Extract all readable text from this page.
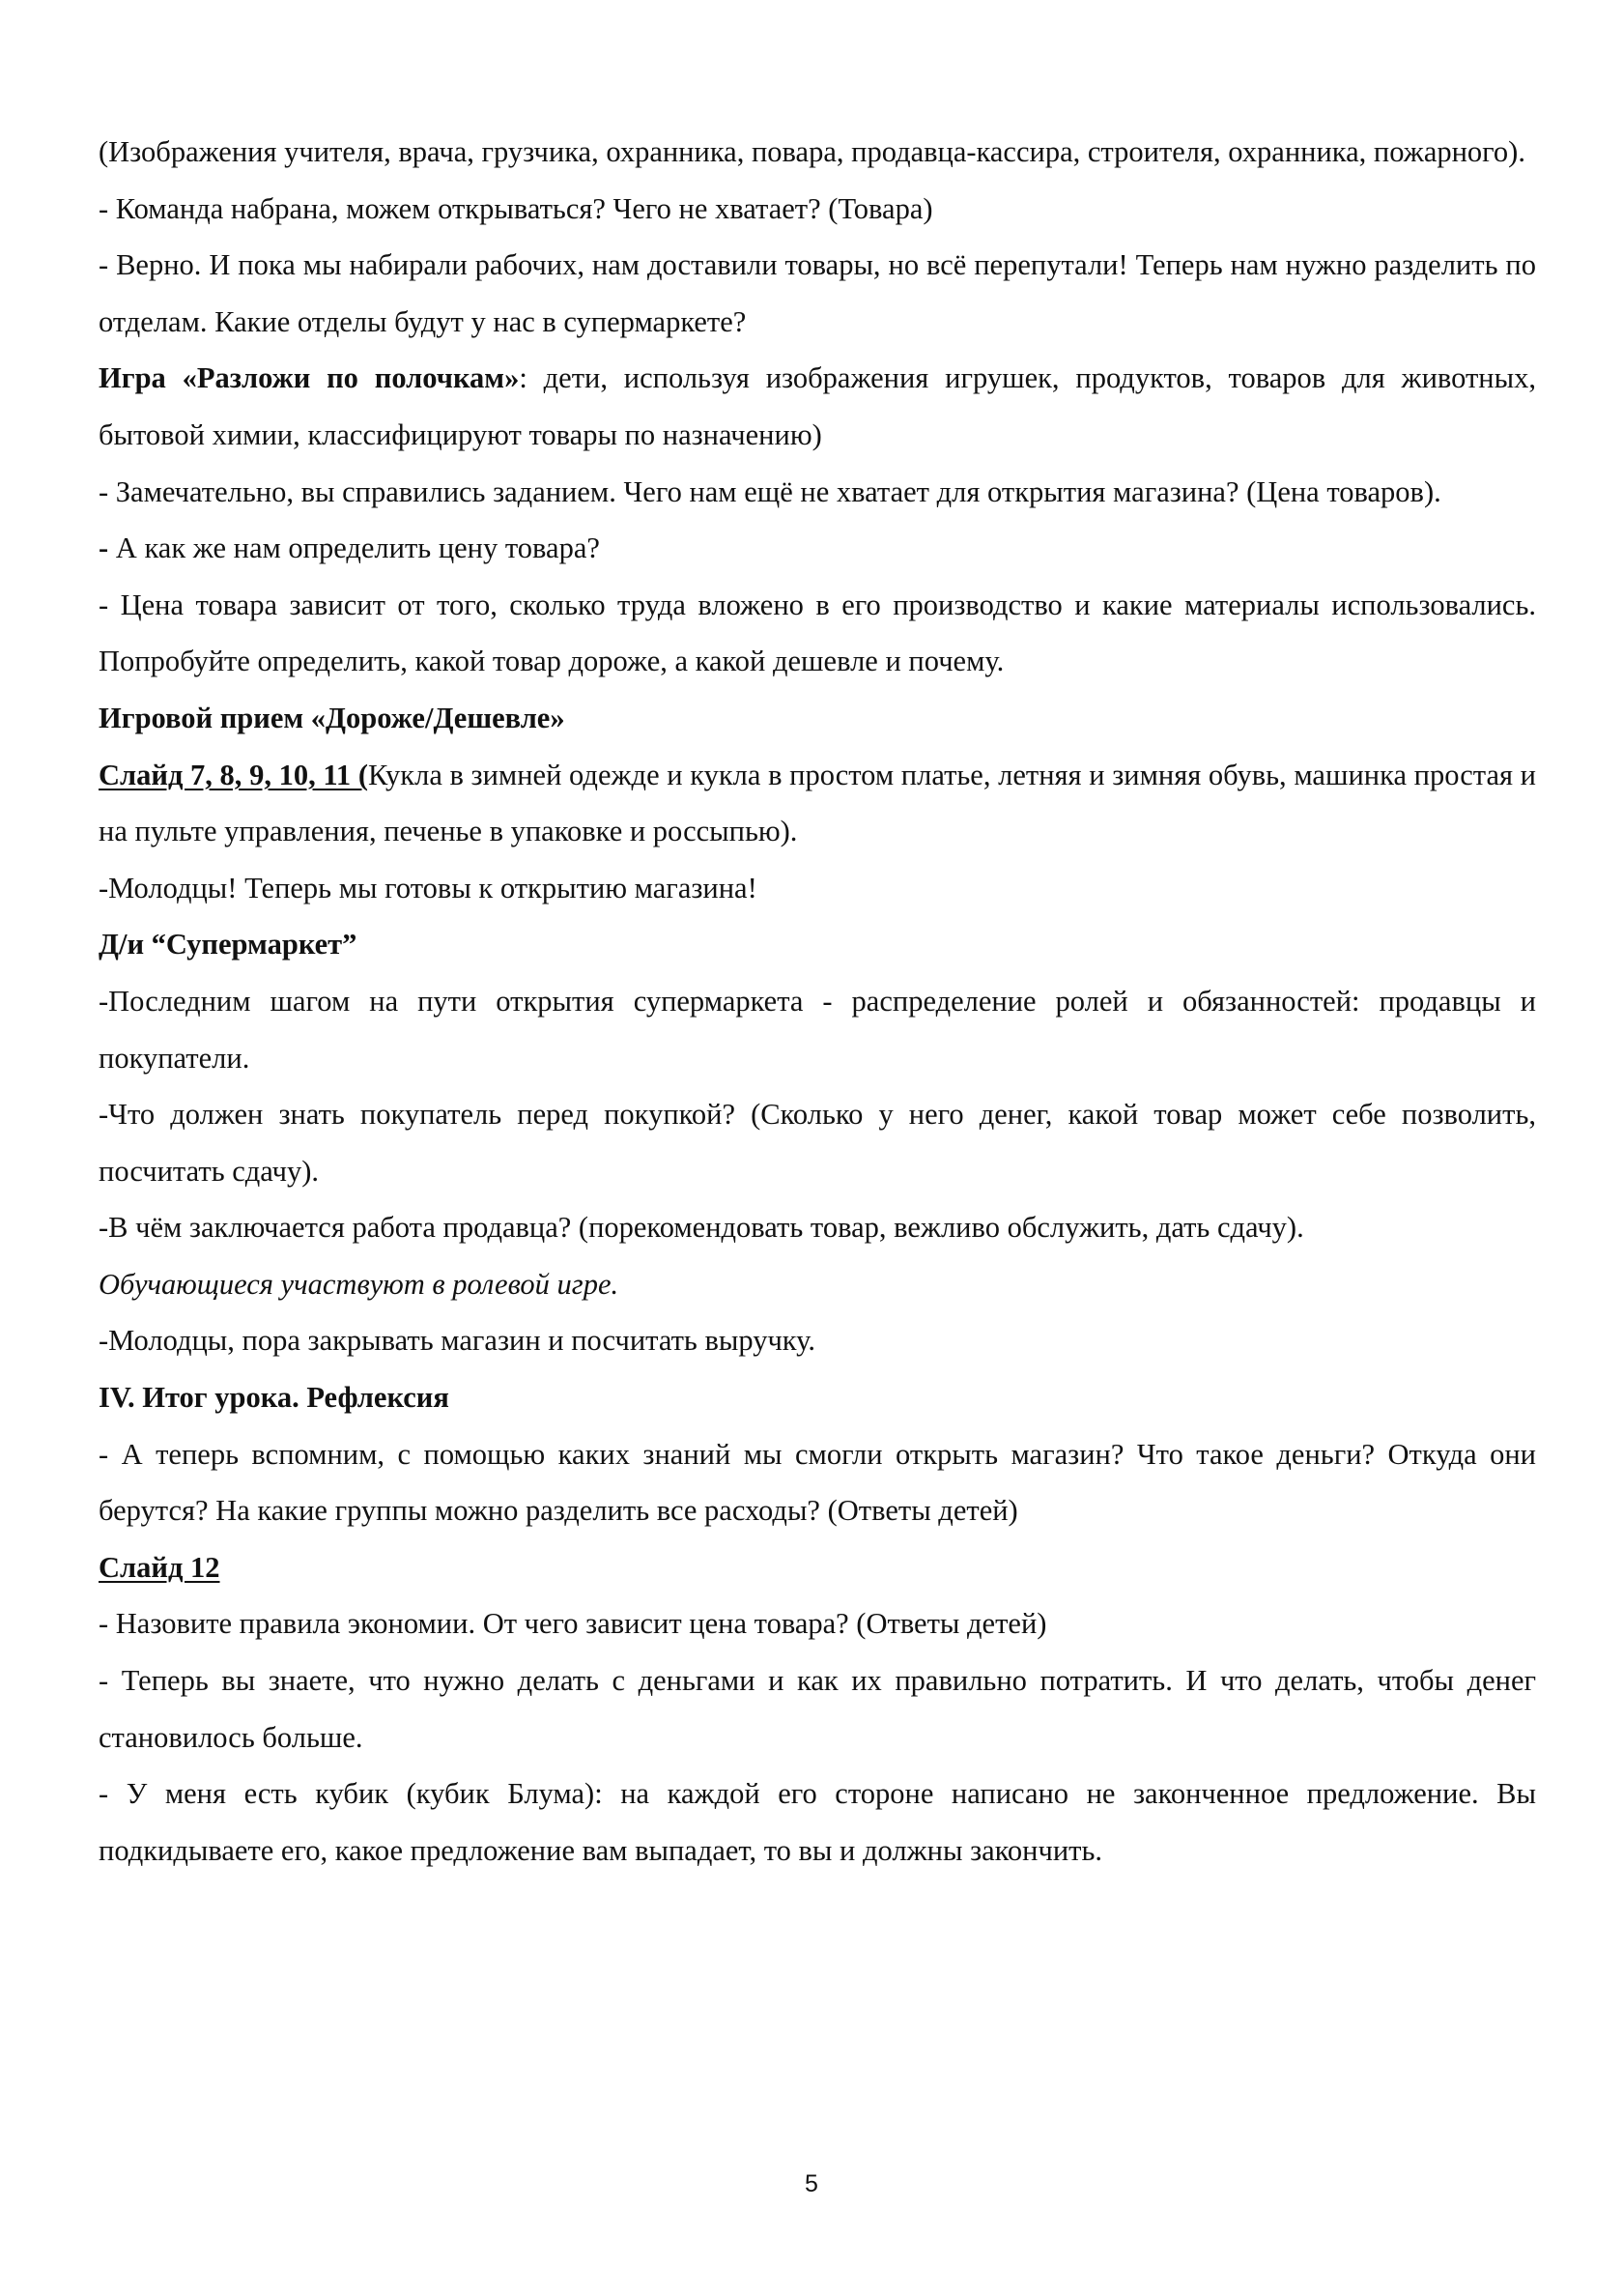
(Изображения учителя, врача, грузчика, охранника, повара, продавца-кассира, строителя, охранника, пожарного).

- Команда набрана, можем открываться? Чего не хватает? (Товара)

- Верно. И пока мы набирали рабочих, нам доставили товары, но всё перепутали! Теперь нам нужно разделить по отделам. Какие отделы будут у нас в супермаркете?

Игра «Разложи по полочкам»: дети, используя изображения игрушек, продуктов, товаров для животных, бытовой химии, классифицируют товары по назначению)

- Замечательно, вы справились заданием. Чего нам ещё не хватает для открытия магазина? (Цена товаров).

- А как же нам определить цену товара?

- Цена товара зависит от того, сколько труда вложено в его производство и какие материалы использовались. Попробуйте определить, какой товар дороже, а какой дешевле и почему.

Игровой прием «Дороже/Дешевле»

Слайд 7, 8, 9, 10, 11 (Кукла в зимней одежде и кукла в простом платье, летняя и зимняя обувь, машинка простая и на пульте управления, печенье в упаковке и россыпью).

-Молодцы! Теперь мы готовы к открытию магазина!

Д/и “Супермаркет”

-Последним шагом на пути открытия супермаркета - распределение ролей и обязанностей: продавцы и покупатели.

-Что должен знать покупатель перед покупкой? (Сколько у него денег, какой товар может себе позволить, посчитать сдачу).

-В чём заключается работа продавца? (порекомендовать товар, вежливо обслужить, дать сдачу).

Обучающиеся участвуют в ролевой игре.

-Молодцы, пора закрывать магазин и посчитать выручку.

IV. Итог урока. Рефлексия

- А теперь вспомним, с помощью каких знаний мы смогли открыть магазин? Что такое деньги? Откуда они берутся? На какие группы можно разделить все расходы? (Ответы детей)

Слайд 12

- Назовите правила экономии. От чего зависит цена товара? (Ответы детей)

- Теперь вы знаете, что нужно делать с деньгами и как их правильно потратить. И что делать, чтобы денег становилось больше.

- У меня есть кубик (кубик Блума): на каждой его стороне написано не законченное предложение. Вы подкидываете его, какое предложение вам выпадает, то вы и должны закончить.

5
